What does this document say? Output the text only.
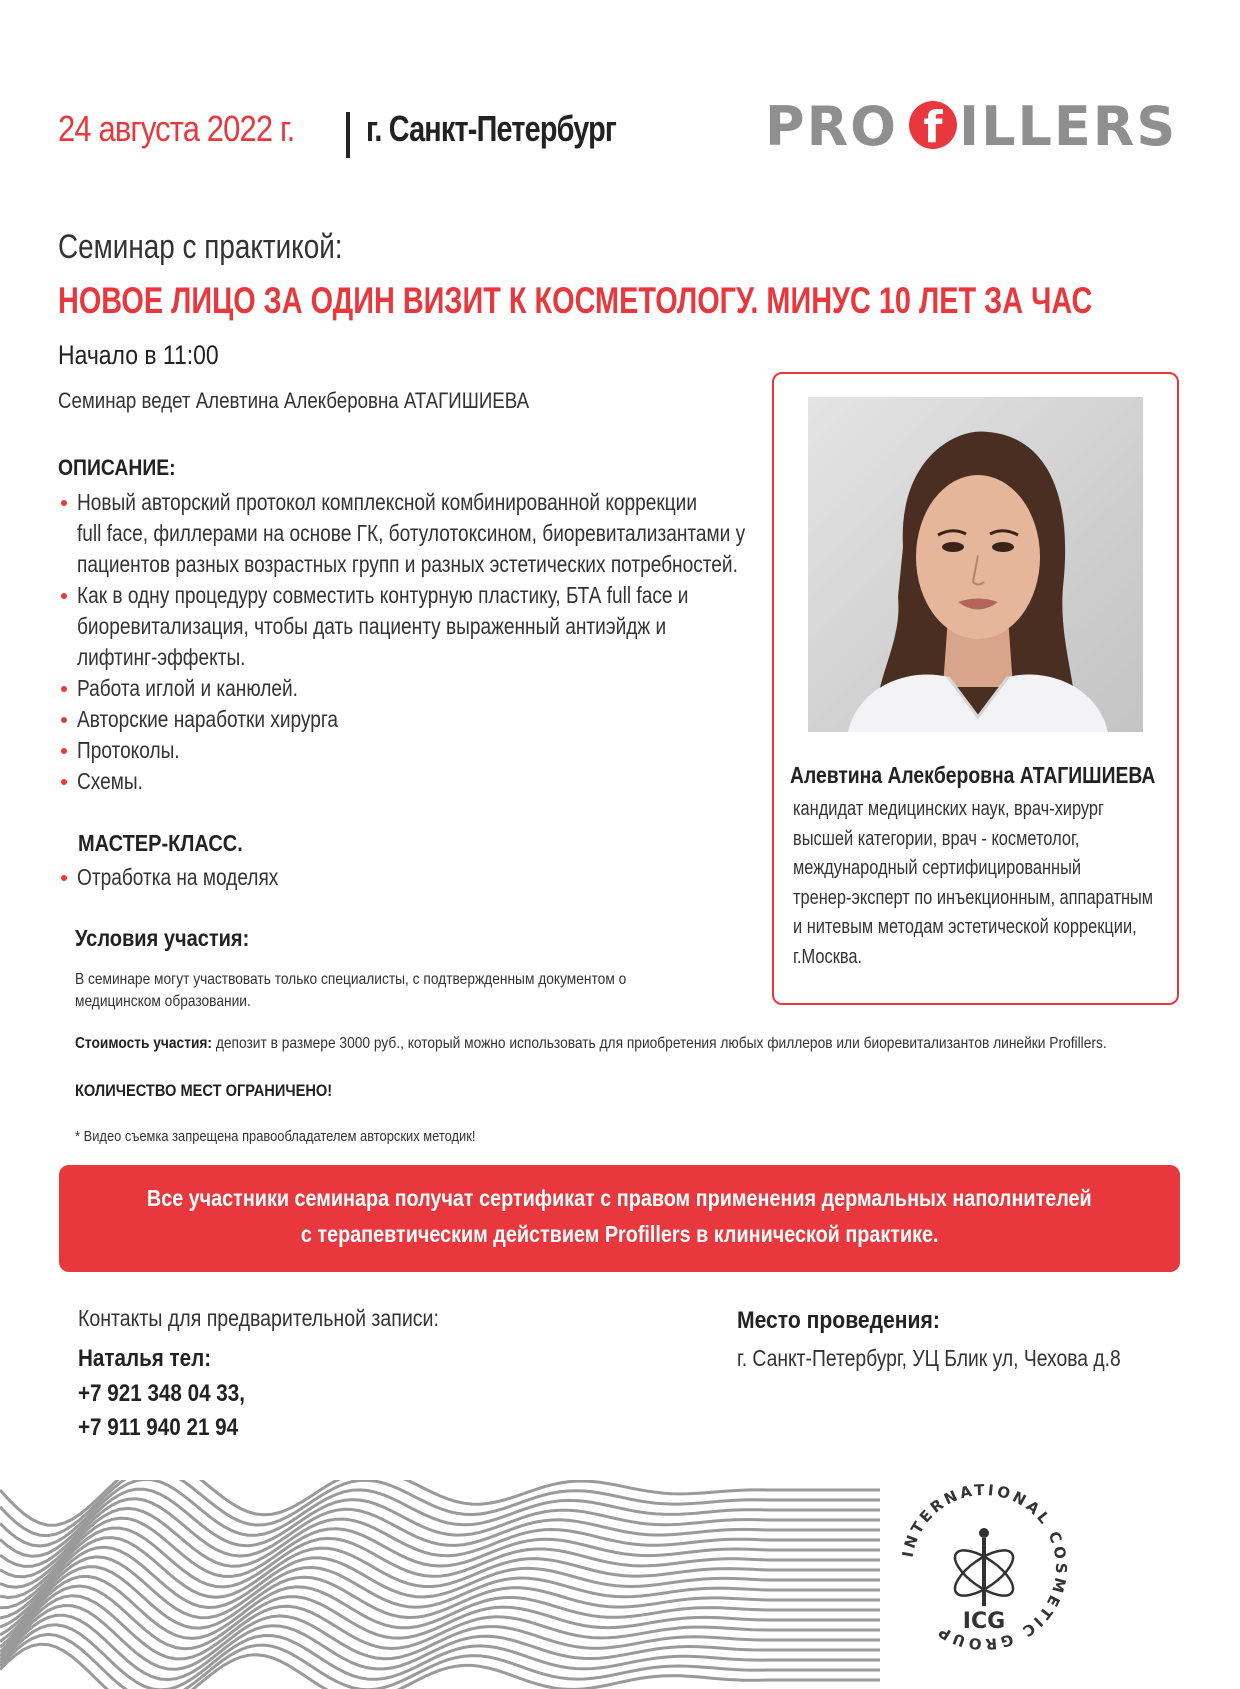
24 августа 2022 г. г. Санкт-Петербург	PRO f ILLERS
Семинар с практикой:
НОВОЕ ЛИЦО ЗА ОДИН ВИЗИТ К КОСМЕТОЛОГУ. МИНУС 10 ЛЕТ ЗА ЧАС
Начало в 11:00
Семинар ведет Алевтина Алекберовна АТАГИШИЕВА
ОПИСАНИЕ:
Новый авторский протокол комплексной комбинированной коррекции
full face, филлерами на основе ГК, ботулотоксином, биоревитализантами у
пациентов разных возрастных групп и разных эстетических потребностей.
Как в одну процедуру совместить контурную пластику, БТА full face и
биоревитализация, чтобы дать пациенту выраженный антиэйдж и
лифтинг-эффекты.
Работа иглой и канюлей.
Авторские наработки хирурга
Протоколы.
Схемы.
МАСТЕР-КЛАСС.
Отработка на моделях
Условия участия:
В семинаре могут участвовать только специалисты, с подтвержденным документом о
медицинском образовании.
Стоимость участия: депозит в размере 3000 руб., который можно использовать для приобретения любых филлеров или биоревитализантов линейки Profillers.
КОЛИЧЕСТВО МЕСТ ОГРАНИЧЕНО!
* Видео съемка запрещена правообладателем авторских методик!
Алевтина Алекберовна АТАГИШИЕВА
кандидат медицинских наук, врач-хирург
высшей категории, врач - косметолог,
международный сертифицированный
тренер-эксперт по инъекционным, аппаратным
и нитевым методам эстетической коррекции,
г.Москва.
Все участники семинара получат сертификат с правом применения дермальных наполнителей
с терапевтическим действием Profillers в клинической практике.
Контакты для предварительной записи:
Наталья тел:
+7 921 348 04 33,
+7 911 940 21 94
Место проведения:
г. Санкт-Петербург, УЦ Блик ул, Чехова д.8
INTERNATIONAL COSMETIC GROUP ICG
